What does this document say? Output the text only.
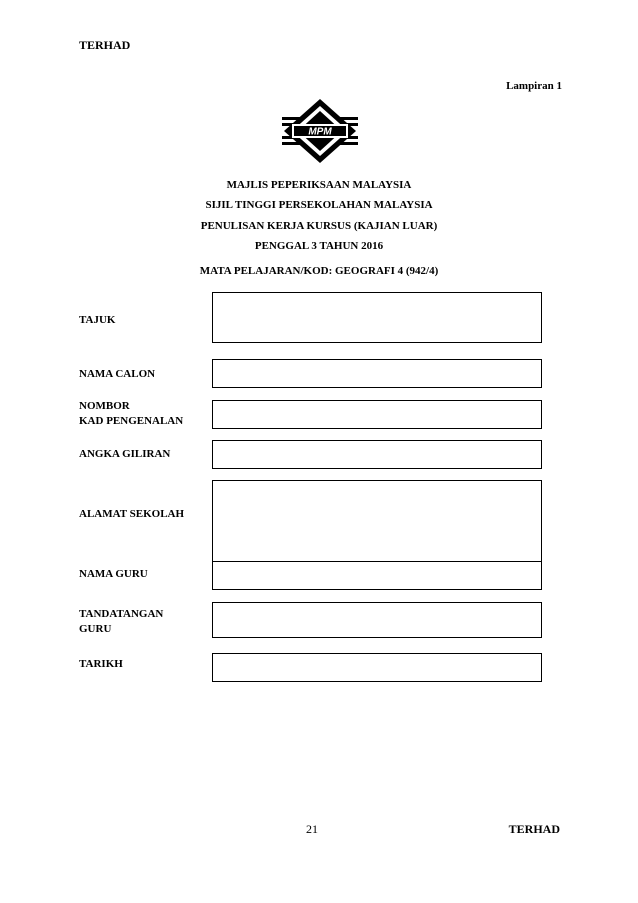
TERHAD
Lampiran 1
MPM
MAJLIS PEPERIKSAAN MALAYSIA
SIJIL TINGGI PERSEKOLAHAN MALAYSIA
PENULISAN KERJA KURSUS (KAJIAN LUAR)
PENGGAL 3 TAHUN 2016
MATA PELAJARAN/KOD: GEOGRAFI 4 (942/4)
TAJUK
NAMA CALON
NOMBOR
KAD PENGENALAN
ANGKA GILIRAN
ALAMAT SEKOLAH
NAMA GURU
TANDATANGAN
GURU
TARIKH
21	TERHAD
